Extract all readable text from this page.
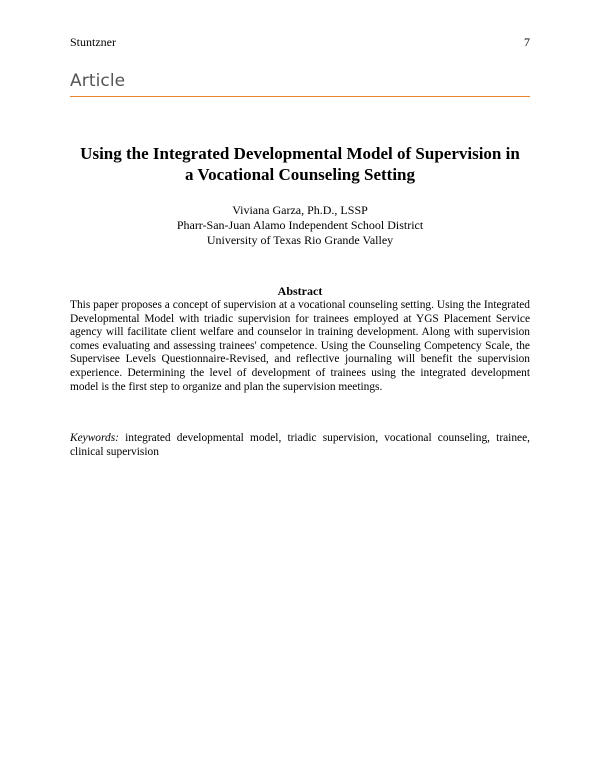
Stuntzner	7
Article
Using the Integrated Developmental Model of Supervision in
a Vocational Counseling Setting
Viviana Garza, Ph.D., LSSP
Pharr-San-Juan Alamo Independent School District
University of Texas Rio Grande Valley
Abstract

This paper proposes a concept of supervision at a vocational counseling setting. Using the Integrated Developmental Model with triadic supervision for trainees employed at YGS Placement Service agency will facilitate client welfare and counselor in training development. Along with supervision comes evaluating and assessing trainees' competence. Using the Counseling Competency Scale, the Supervisee Levels Questionnaire-Revised, and reflective journaling will benefit the supervision experience. Determining the level of development of trainees using the integrated development model is the first step to organize and plan the supervision meetings.

Keywords: integrated developmental model, triadic supervision, vocational counseling, trainee, clinical supervision
